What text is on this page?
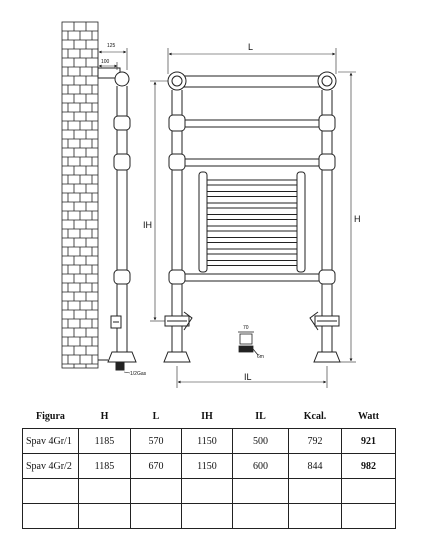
125
100
1/2Gas
70
6m
L
H
IH
IL
Figura	H	L	IH	IL	Kcal.	Watt
Spav 4Gr/1	1185	570	1150	500	792	921
Spav 4Gr/2	1185	670	1150	600	844	982
